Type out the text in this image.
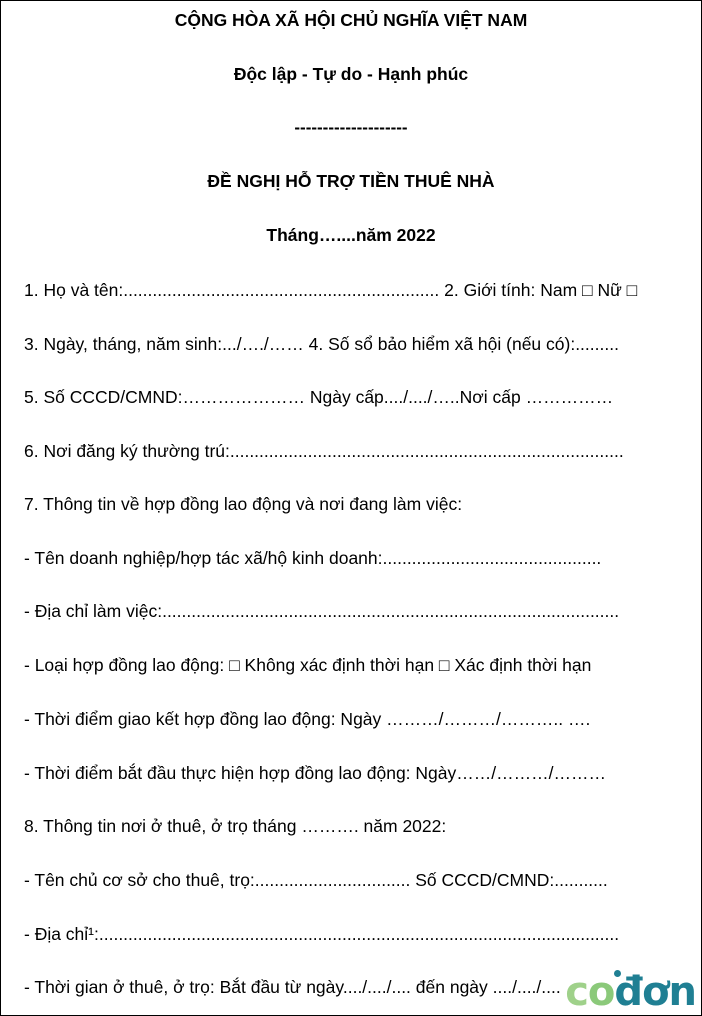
CỘNG HÒA XÃ HỘI CHỦ NGHĨA VIỆT NAM
Độc lập - Tự do - Hạnh phúc
--------------------
ĐỀ NGHỊ HỖ TRỢ TIỀN THUÊ NHÀ
Tháng…....năm 2022
1. Họ và tên:................................................................. 2. Giới tính: Nam □ Nữ □
3. Ngày, tháng, năm sinh:.../…./…… 4. Số sổ bảo hiểm xã hội (nếu có):.........
5. Số CCCD/CMND:………………… Ngày cấp..../..../…..Nơi cấp ……………
6. Nơi đăng ký thường trú:.................................................................................
7. Thông tin về hợp đồng lao động và nơi đang làm việc:
- Tên doanh nghiệp/hợp tác xã/hộ kinh doanh:.............................................
- Địa chỉ làm việc:..............................................................................................
- Loại hợp đồng lao động: □ Không xác định thời hạn □ Xác định thời hạn
- Thời điểm giao kết hợp đồng lao động: Ngày ………/………/……….. ….
- Thời điểm bắt đầu thực hiện hợp đồng lao động: Ngày……/………/………
8. Thông tin nơi ở thuê, ở trọ tháng ………. năm 2022:
- Tên chủ cơ sở cho thuê, trọ:................................ Số CCCD/CMND:...........
- Địa chỉ¹:...........................................................................................................
- Thời gian ở thuê, ở trọ: Bắt đầu từ ngày..../..../.... đến ngày ..../..../.... cođơn
